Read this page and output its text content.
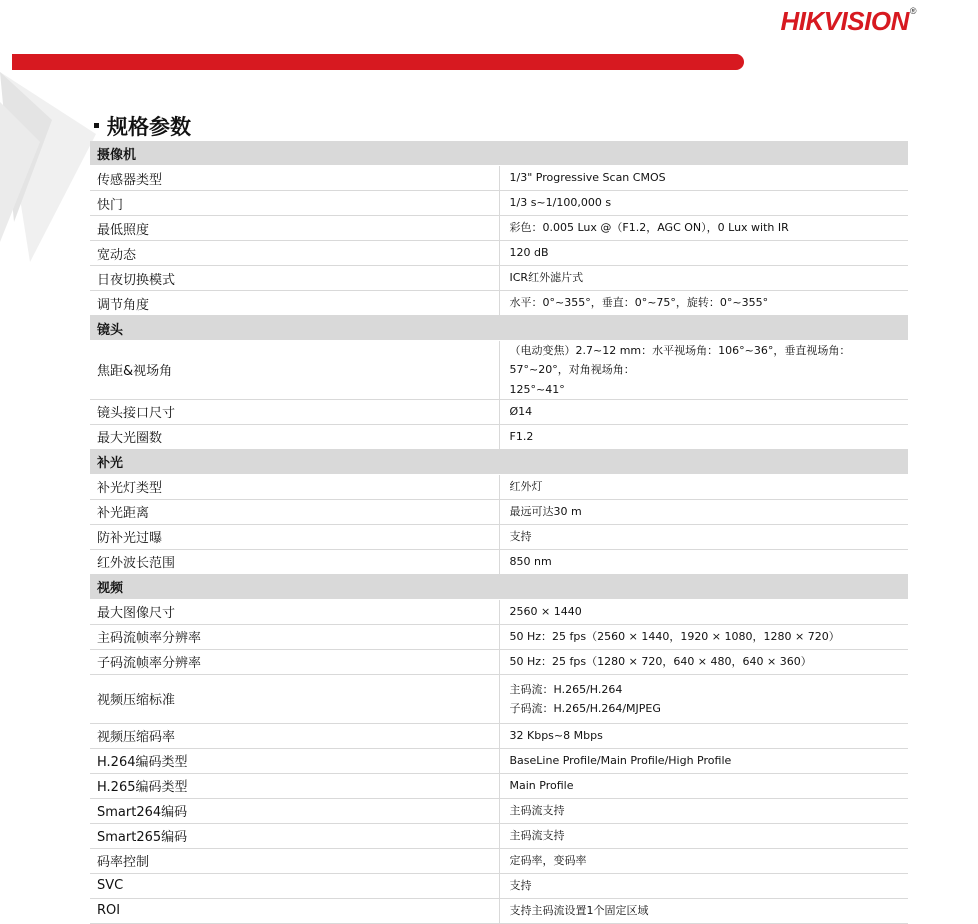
HIKVISION®
规格参数
摄像机	
传感器类型	1/3" Progressive Scan CMOS

快门	1/3 s~1/100,000 s

最低照度	彩色：0.005 Lux @（F1.2，AGC ON），0 Lux with IR

宽动态	120 dB

日夜切换模式	ICR红外滤片式

调节角度	水平：0°~355°，垂直：0°~75°，旋转：0°~355°

镜头	
焦距&视场角	（电动变焦）2.7~12 mm：水平视场角：106°~36°，垂直视场角：57°~20°，对角视场角：
125°~41°

镜头接口尺寸	Ø14

最大光圈数	F1.2

补光	
补光灯类型	红外灯

补光距离	最远可达30 m

防补光过曝	支持

红外波长范围	850 nm

视频	
最大图像尺寸	2560 × 1440

主码流帧率分辨率	50 Hz：25 fps（2560 × 1440，1920 × 1080，1280 × 720）

子码流帧率分辨率	50 Hz：25 fps（1280 × 720，640 × 480，640 × 360）

视频压缩标准	主码流：H.265/H.264
子码流：H.265/H.264/MJPEG

视频压缩码率	32 Kbps~8 Mbps

H.264编码类型	BaseLine Profile/Main Profile/High Profile

H.265编码类型	Main Profile

Smart264编码	主码流支持

Smart265编码	主码流支持

码率控制	定码率，变码率

SVC	支持

ROI	支持主码流设置1个固定区域
